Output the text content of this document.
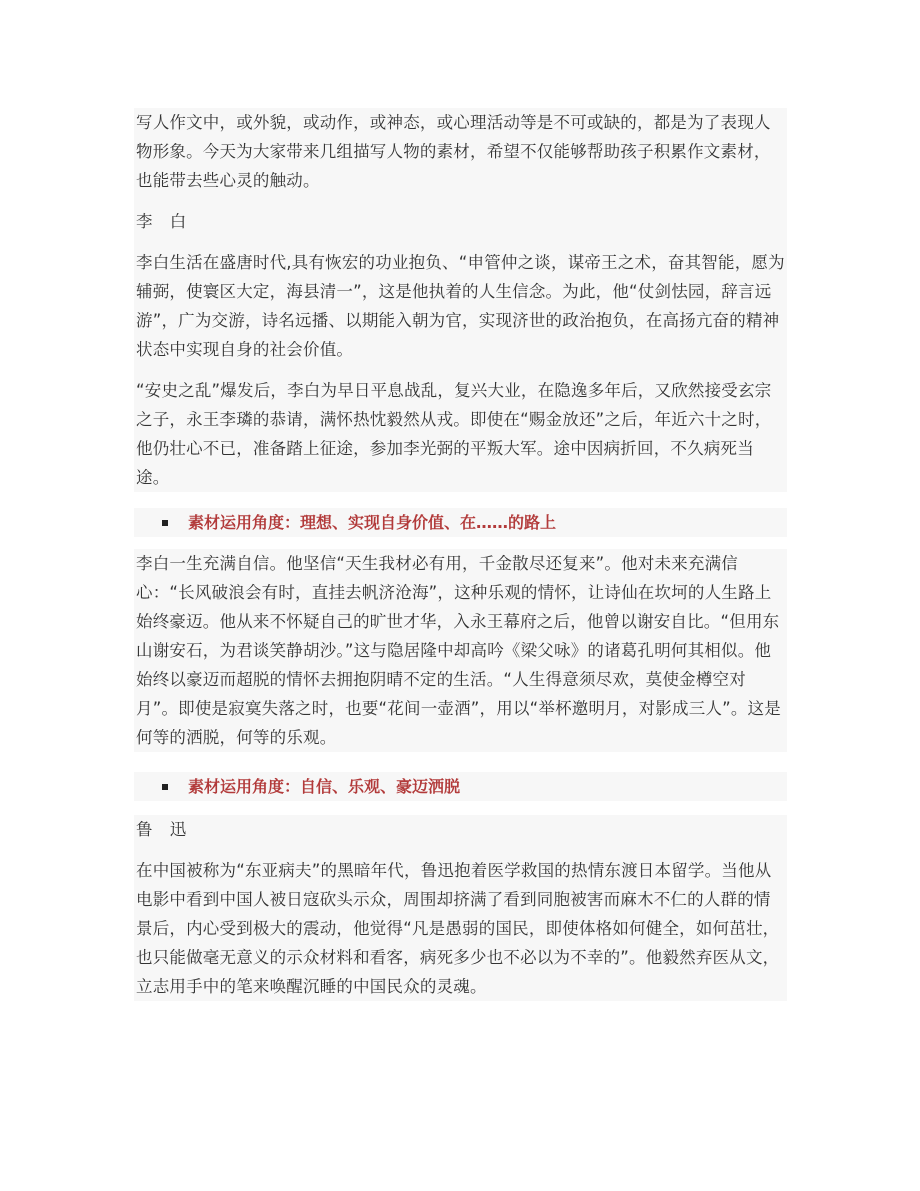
写人作文中，或外貌，或动作，或神态，或心理活动等是不可或缺的，都是为了表现人物形象。今天为大家带来几组描写人物的素材，希望不仅能够帮助孩子积累作文素材，也能带去些心灵的触动。

李 白

李白生活在盛唐时代,具有恢宏的功业抱负、“申管仲之谈，谋帝王之术，奋其智能，愿为辅弼，使寰区大定，海县清一”，这是他执着的人生信念。为此，他“仗剑怯园，辞言远游”，广为交游，诗名远播、以期能入朝为官，实现济世的政治抱负，在高扬亢奋的精神状态中实现自身的社会价值。

“安史之乱”爆发后，李白为早日平息战乱，复兴大业，在隐逸多年后，又欣然接受玄宗之子，永王李璘的恭请，满怀热忱毅然从戎。即使在“赐金放还”之后，年近六十之时，他仍壮心不已，准备踏上征途，参加李光弼的平叛大军。途中因病折回，不久病死当途。

素材运用角度：理想、实现自身价值、在……的路上

李白一生充满自信。他坚信“天生我材必有用，千金散尽还复来”。他对未来充满信心：“长风破浪会有时，直挂去帆济沧海”，这种乐观的情怀，让诗仙在坎坷的人生路上始终豪迈。他从来不怀疑自己的旷世才华，入永王幕府之后，他曾以谢安自比。“但用东山谢安石，为君谈笑静胡沙。”这与隐居隆中却高吟《梁父咏》的诸葛孔明何其相似。他始终以豪迈而超脱的情怀去拥抱阴晴不定的生活。“人生得意须尽欢，莫使金樽空对月”。即使是寂寞失落之时，也要“花间一壶酒”，用以“举杯邀明月，对影成三人”。这是何等的洒脱，何等的乐观。

素材运用角度：自信、乐观、豪迈洒脱

鲁 迅

在中国被称为“东亚病夫”的黑暗年代，鲁迅抱着医学救国的热情东渡日本留学。当他从电影中看到中国人被日寇砍头示众，周围却挤满了看到同胞被害而麻木不仁的人群的情景后，内心受到极大的震动，他觉得“凡是愚弱的国民，即使体格如何健全，如何茁壮，也只能做毫无意义的示众材料和看客，病死多少也不必以为不幸的”。他毅然弃医从文，立志用手中的笔来唤醒沉睡的中国民众的灵魂。
